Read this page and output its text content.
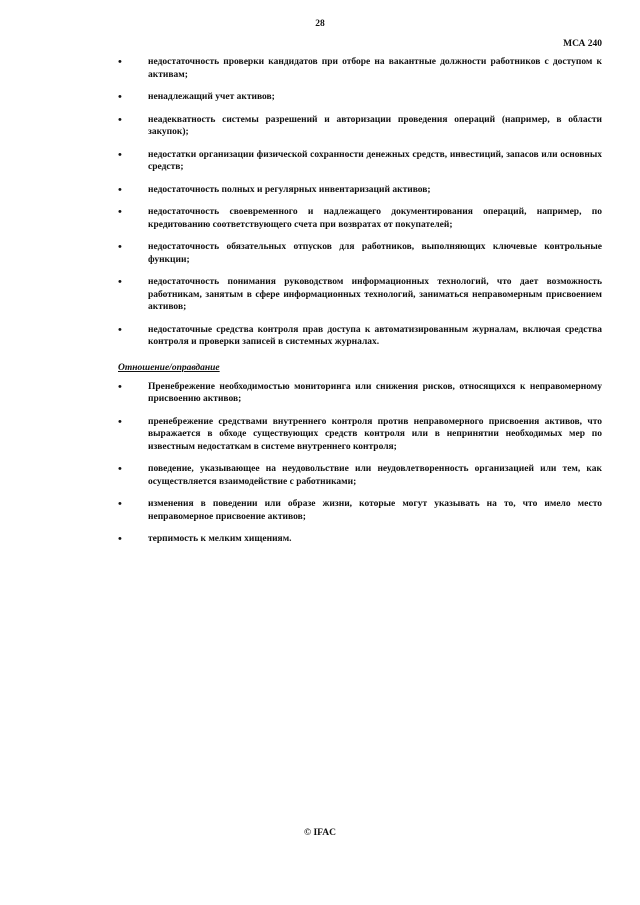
28
МСА 240
•	недостаточность проверки кандидатов при отборе на вакантные должности работников с доступом к активам;
•	ненадлежащий учет активов;
•	неадекватность системы разрешений и авторизации проведения операций (например, в области закупок);
•	недостатки организации физической сохранности денежных средств, инвестиций, запасов или основных средств;
•	недостаточность полных и регулярных инвентаризаций активов;
•	недостаточность своевременного и надлежащего документирования операций, например, по кредитованию соответствующего счета при возвратах от покупателей;
•	недостаточность обязательных отпусков для работников, выполняющих ключевые контрольные функции;
•	недостаточность понимания руководством информационных технологий, что дает возможность работникам, занятым в сфере информационных технологий, заниматься неправомерным присвоением активов;
•	недостаточные средства контроля прав доступа к автоматизированным журналам, включая средства контроля и проверки записей в системных журналах.
Отношение/оправдание
•	Пренебрежение необходимостью мониторинга или снижения рисков, относящихся к неправомерному присвоению активов;
•	пренебрежение средствами внутреннего контроля против неправомерного присвоения активов, что выражается в обходе существующих средств контроля или в непринятии необходимых мер по известным недостаткам в системе внутреннего контроля;
•	поведение, указывающее на неудовольствие или неудовлетворенность организацией или тем, как осуществляется взаимодействие с работниками;
•	изменения в поведении или образе жизни, которые могут указывать на то, что имело место неправомерное присвоение активов;
•	терпимость к мелким хищениям.
© IFAC
